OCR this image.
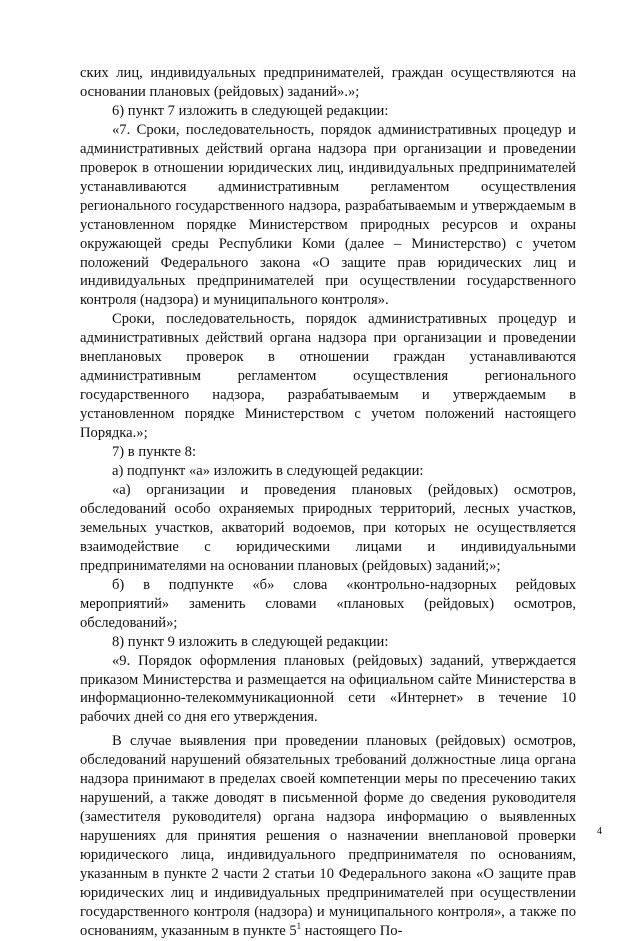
ских лиц, индивидуальных предпринимателей, граждан осуществляются на основании плановых (рейдовых) заданий».»;

6) пункт 7 изложить в следующей редакции:

«7. Сроки, последовательность, порядок административных процедур и административных действий органа надзора при организации и проведении проверок в отношении юридических лиц, индивидуальных предпринимателей устанавливаются административным регламентом осуществления регионального государственного надзора, разрабатываемым и утверждаемым в установленном порядке Министерством природных ресурсов и охраны окружающей среды Республики Коми (далее – Министерство) с учетом положений Федерального закона «О защите прав юридических лиц и индивидуальных предпринимателей при осуществлении государственного контроля (надзора) и муниципального контроля».

Сроки, последовательность, порядок административных процедур и административных действий органа надзора при организации и проведении внеплановых проверок в отношении граждан устанавливаются административным регламентом осуществления регионального государственного надзора, разрабатываемым и утверждаемым в установленном порядке Министерством с учетом положений настоящего Порядка.»;

7) в пункте 8:

а) подпункт «а» изложить в следующей редакции:

«а) организации и проведения плановых (рейдовых) осмотров, обследований особо охраняемых природных территорий, лесных участков, земельных участков, акваторий водоемов, при которых не осуществляется взаимодействие с юридическими лицами и индивидуальными предпринимателями на основании плановых (рейдовых) заданий;»;

б) в подпункте «б» слова «контрольно-надзорных рейдовых мероприятий» заменить словами «плановых (рейдовых) осмотров, обследований»;

8) пункт 9 изложить в следующей редакции:

«9. Порядок оформления плановых (рейдовых) заданий, утверждается приказом Министерства и размещается на официальном сайте Министерства в информационно-телекоммуникационной сети «Интернет» в течение 10 рабочих дней со дня его утверждения.

В случае выявления при проведении плановых (рейдовых) осмотров, обследований нарушений обязательных требований должностные лица органа надзора принимают в пределах своей компетенции меры по пресечению таких нарушений, а также доводят в письменной форме до сведения руководителя (заместителя руководителя) органа надзора информацию о выявленных нарушениях для принятия решения о назначении внеплановой проверки юридического лица, индивидуального предпринимателя по основаниям, указанным в пункте 2 части 2 статьи 10 Федерального закона «О защите прав юридических лиц и индивидуальных предпринимателей при осуществлении государственного контроля (надзора) и муниципального контроля», а также по основаниям, указанным в пункте $5^1$ настоящего По-

4
